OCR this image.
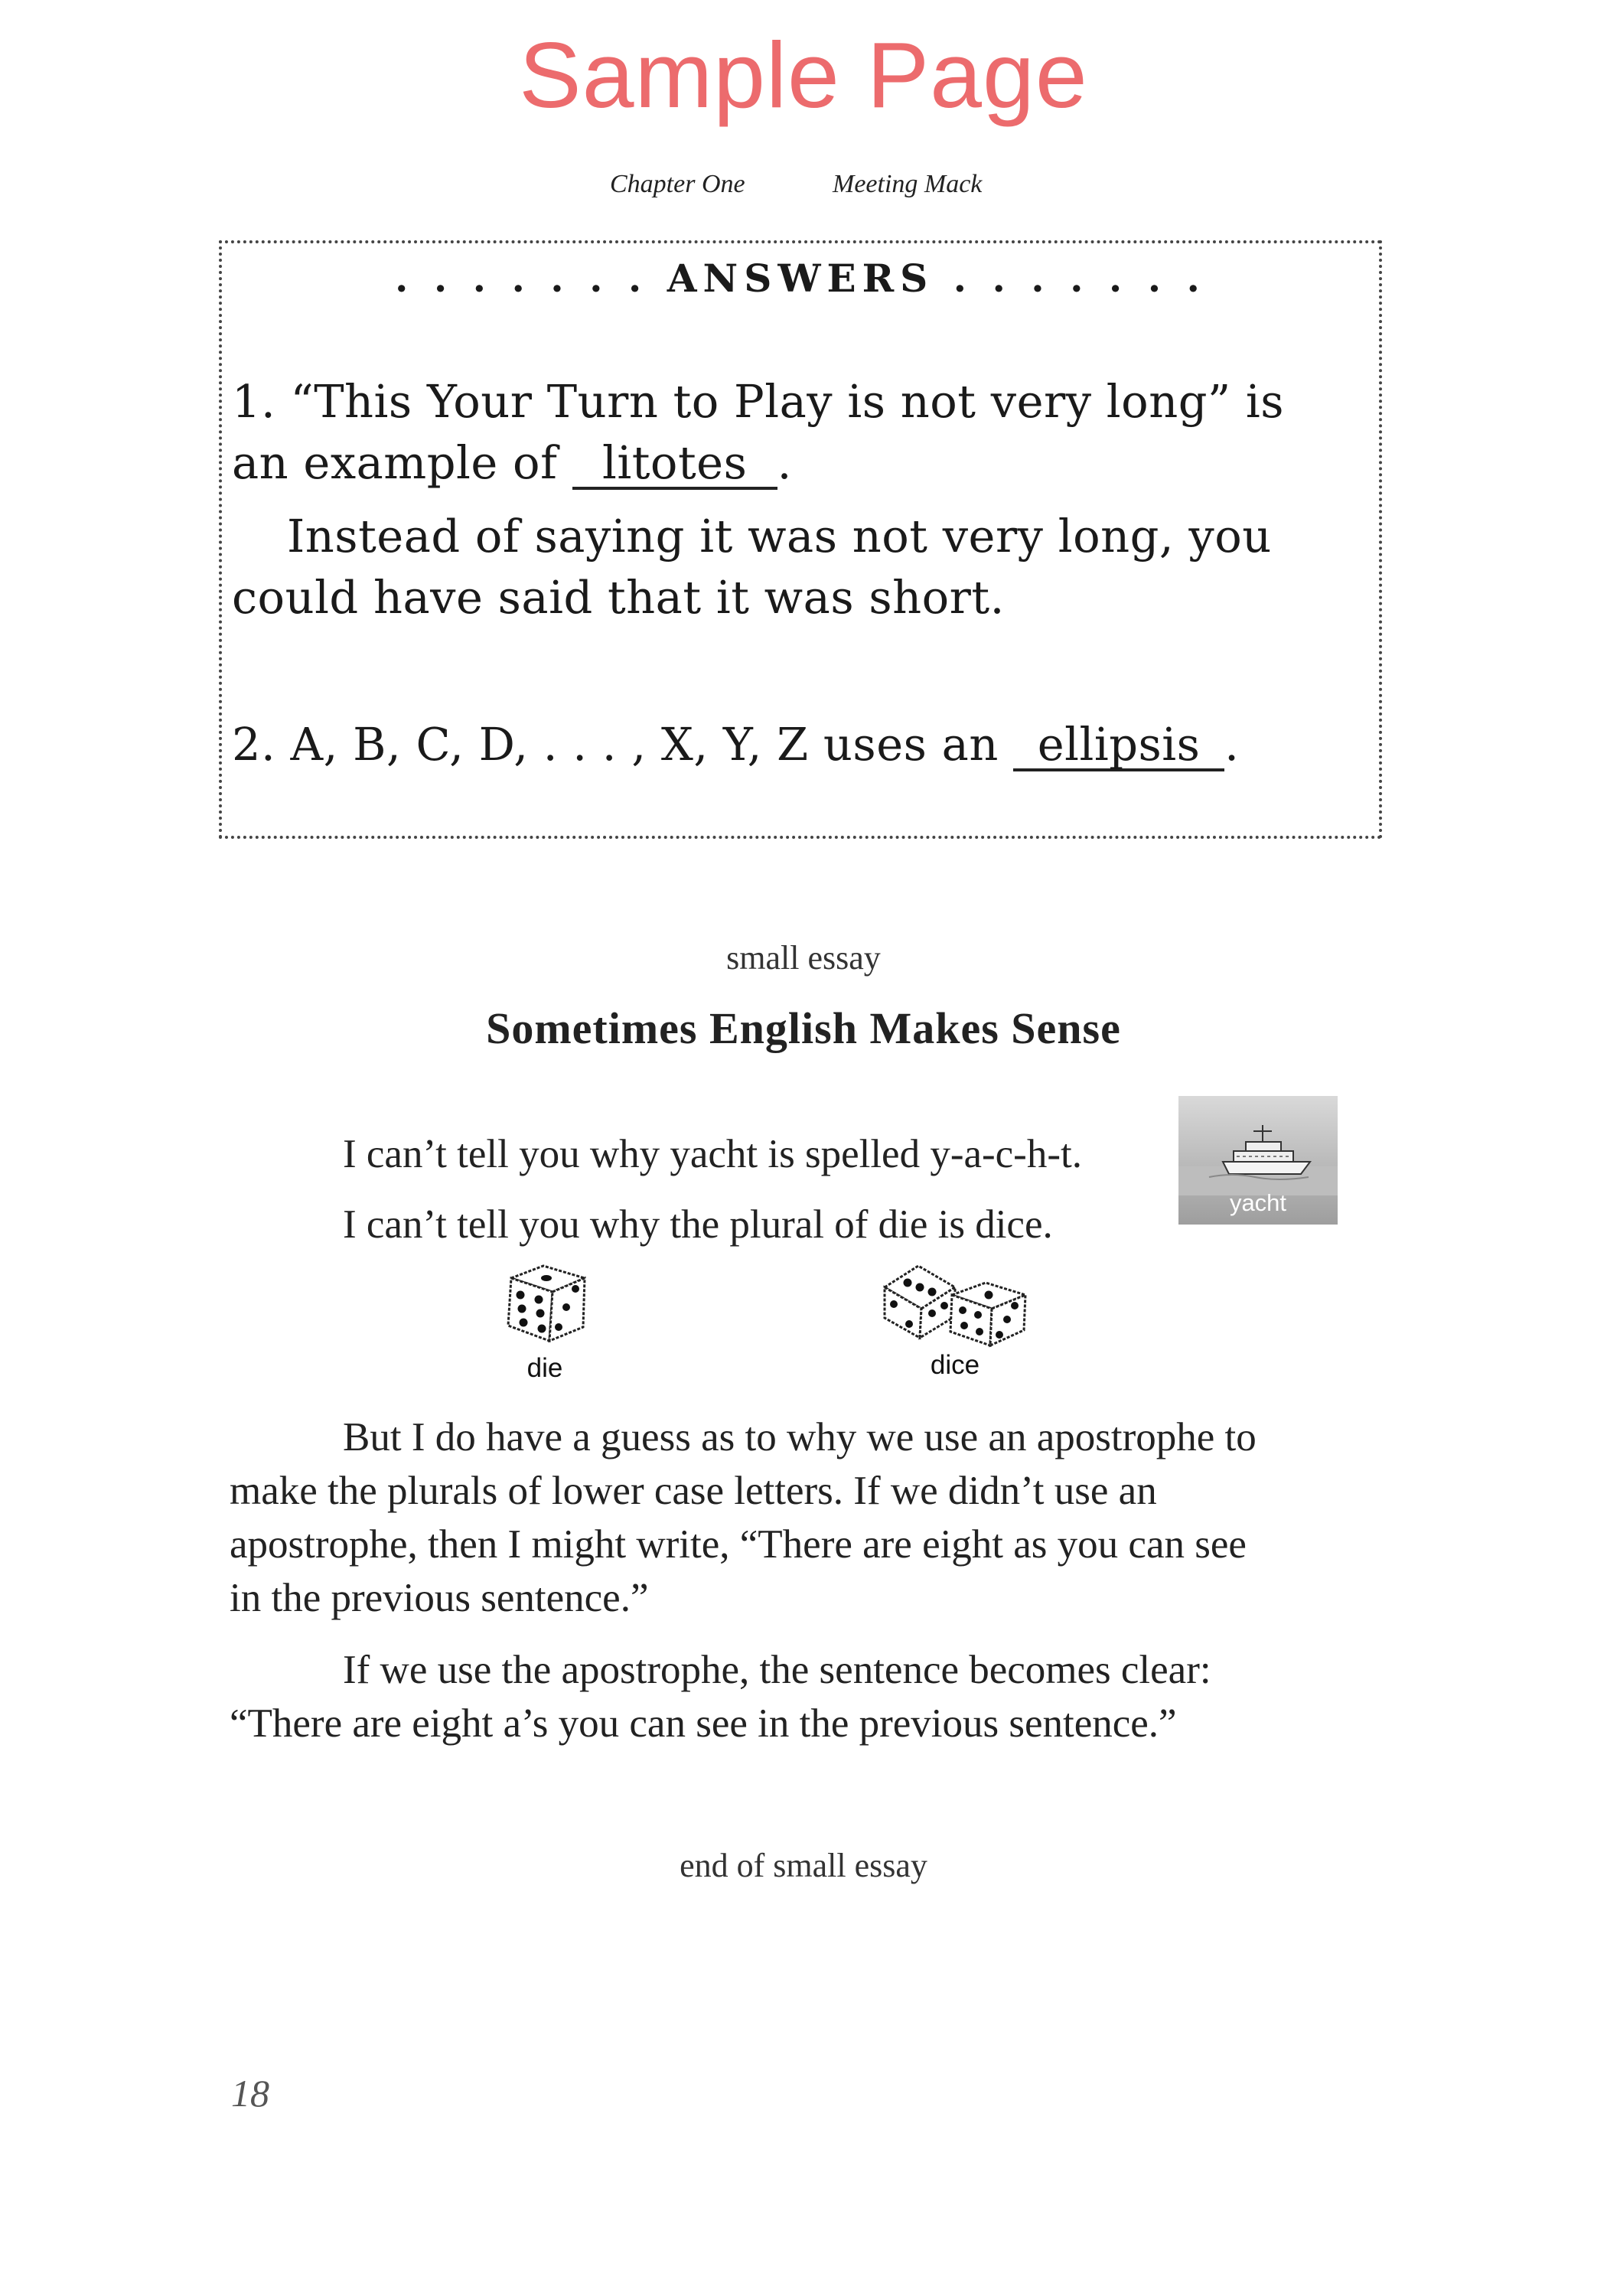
Sample Page
Chapter One	Meeting Mack
. . . . . . . ANSWERS . . . . . . .
1. “This Your Turn to Play is not very long” is
an example of litotes .
Instead of saying it was not very long, you
could have said that it was short.
2. A, B, C, D, . . . , X, Y, Z uses an ellipsis .
small essay
Sometimes English Makes Sense
I can’t tell you why yacht is spelled y-a-c-h-t.
I can’t tell you why the plural of die is dice.	yacht
die	dice
But I do have a guess as to why we use an apostrophe to
make the plurals of lower case letters. If we didn’t use an
apostrophe, then I might write, “There are eight as you can see
in the previous sentence.”
If we use the apostrophe, the sentence becomes clear:
“There are eight a’s you can see in the previous sentence.”
end of small essay
18
